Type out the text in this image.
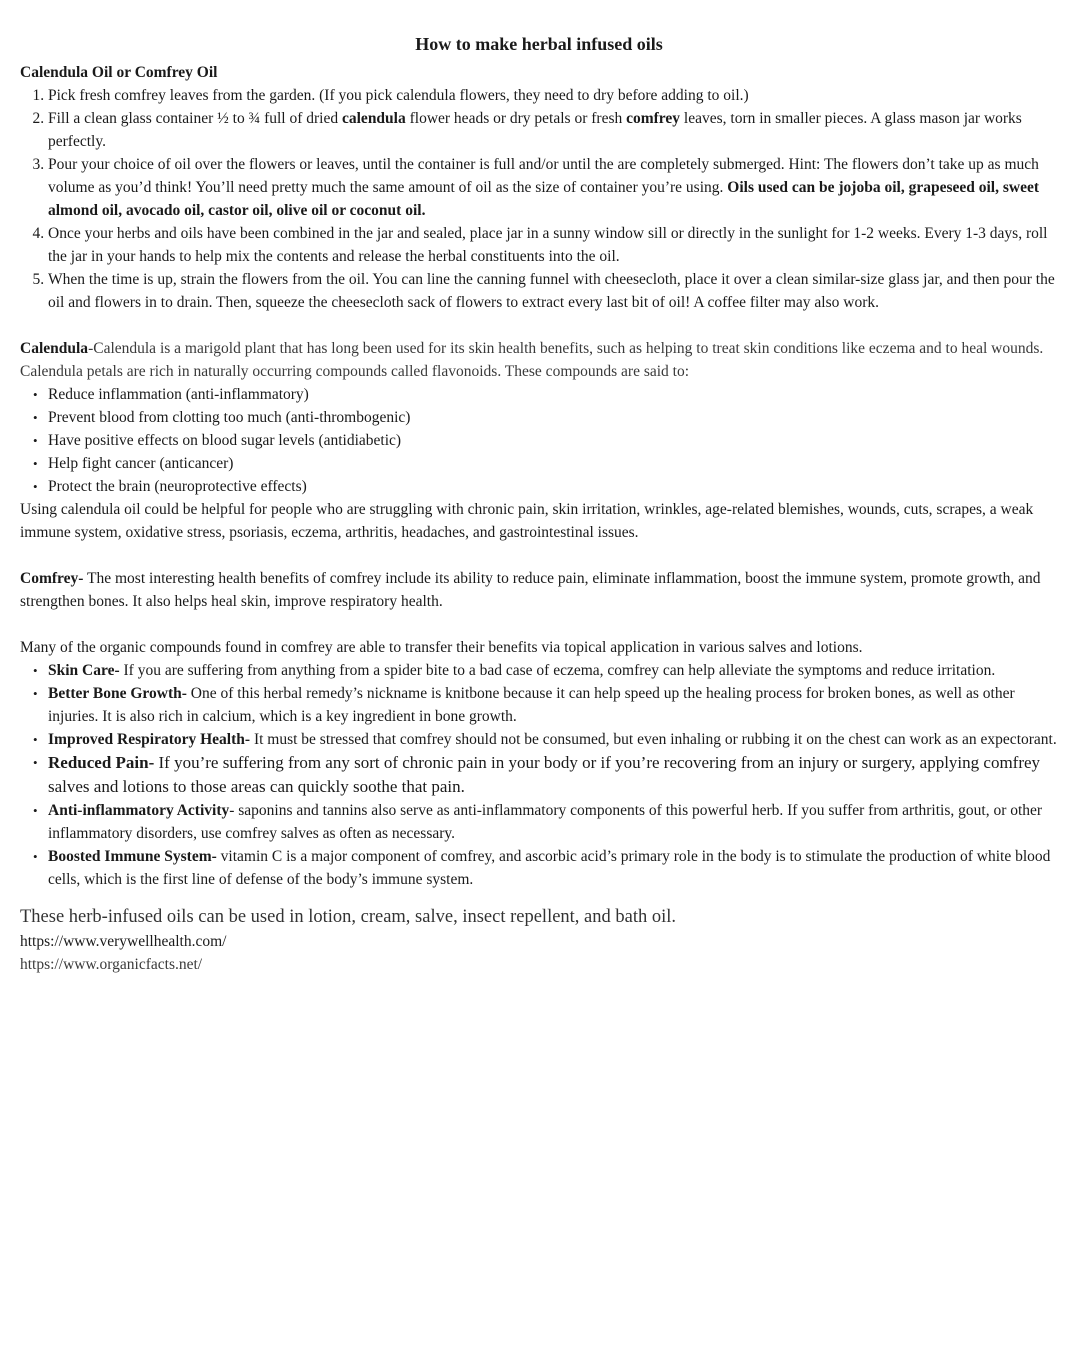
How to make herbal infused oils

Calendula Oil or Comfrey Oil

1. Pick fresh comfrey leaves from the garden. (If you pick calendula flowers, they need to dry before adding to oil.)
2. Fill a clean glass container ½ to ¾ full of dried calendula flower heads or dry petals or fresh comfrey leaves, torn in smaller pieces. A glass mason jar works perfectly.
3. Pour your choice of oil over the flowers or leaves, until the container is full and/or until the are completely submerged. Hint: The flowers don’t take up as much volume as you’d think! You’ll need pretty much the same amount of oil as the size of container you’re using. Oils used can be jojoba oil, grapeseed oil, sweet almond oil, avocado oil, castor oil, olive oil or coconut oil.
4. Once your herbs and oils have been combined in the jar and sealed, place jar in a sunny window sill or directly in the sunlight for 1-2 weeks. Every 1-3 days, roll the jar in your hands to help mix the contents and release the herbal constituents into the oil.
5. When the time is up, strain the flowers from the oil. You can line the canning funnel with cheesecloth, place it over a clean similar-size glass jar, and then pour the oil and flowers in to drain. Then, squeeze the cheesecloth sack of flowers to extract every last bit of oil! A coffee filter may also work.

Calendula-Calendula is a marigold plant that has long been used for its skin health benefits, such as helping to treat skin conditions like eczema and to heal wounds. Calendula petals are rich in naturally occurring compounds called flavonoids. These compounds are said to:

• Reduce inflammation (anti-inflammatory)
• Prevent blood from clotting too much (anti-thrombogenic)
• Have positive effects on blood sugar levels (antidiabetic)
• Help fight cancer (anticancer)
• Protect the brain (neuroprotective effects)

Using calendula oil could be helpful for people who are struggling with chronic pain, skin irritation, wrinkles, age-related blemishes, wounds, cuts, scrapes, a weak immune system, oxidative stress, psoriasis, eczema, arthritis, headaches, and gastrointestinal issues.

Comfrey- The most interesting health benefits of comfrey include its ability to reduce pain, eliminate inflammation, boost the immune system, promote growth, and strengthen bones. It also helps heal skin, improve respiratory health.

Many of the organic compounds found in comfrey are able to transfer their benefits via topical application in various salves and lotions.

• Skin Care- If you are suffering from anything from a spider bite to a bad case of eczema, comfrey can help alleviate the symptoms and reduce irritation.
• Better Bone Growth- One of this herbal remedy’s nickname is knitbone because it can help speed up the healing process for broken bones, as well as other injuries. It is also rich in calcium, which is a key ingredient in bone growth.
• Improved Respiratory Health- It must be stressed that comfrey should not be consumed, but even inhaling or rubbing it on the chest can work as an expectorant.
• Reduced Pain- If you’re suffering from any sort of chronic pain in your body or if you’re recovering from an injury or surgery, applying comfrey salves and lotions to those areas can quickly soothe that pain.
• Anti-inflammatory Activity- saponins and tannins also serve as anti-inflammatory components of this powerful herb. If you suffer from arthritis, gout, or other inflammatory disorders, use comfrey salves as often as necessary.
• Boosted Immune System- vitamin C is a major component of comfrey, and ascorbic acid’s primary role in the body is to stimulate the production of white blood cells, which is the first line of defense of the body’s immune system.

These herb-infused oils can be used in lotion, cream, salve, insect repellent, and bath oil.

https://www.verywellhealth.com/

https://www.organicfacts.net/
